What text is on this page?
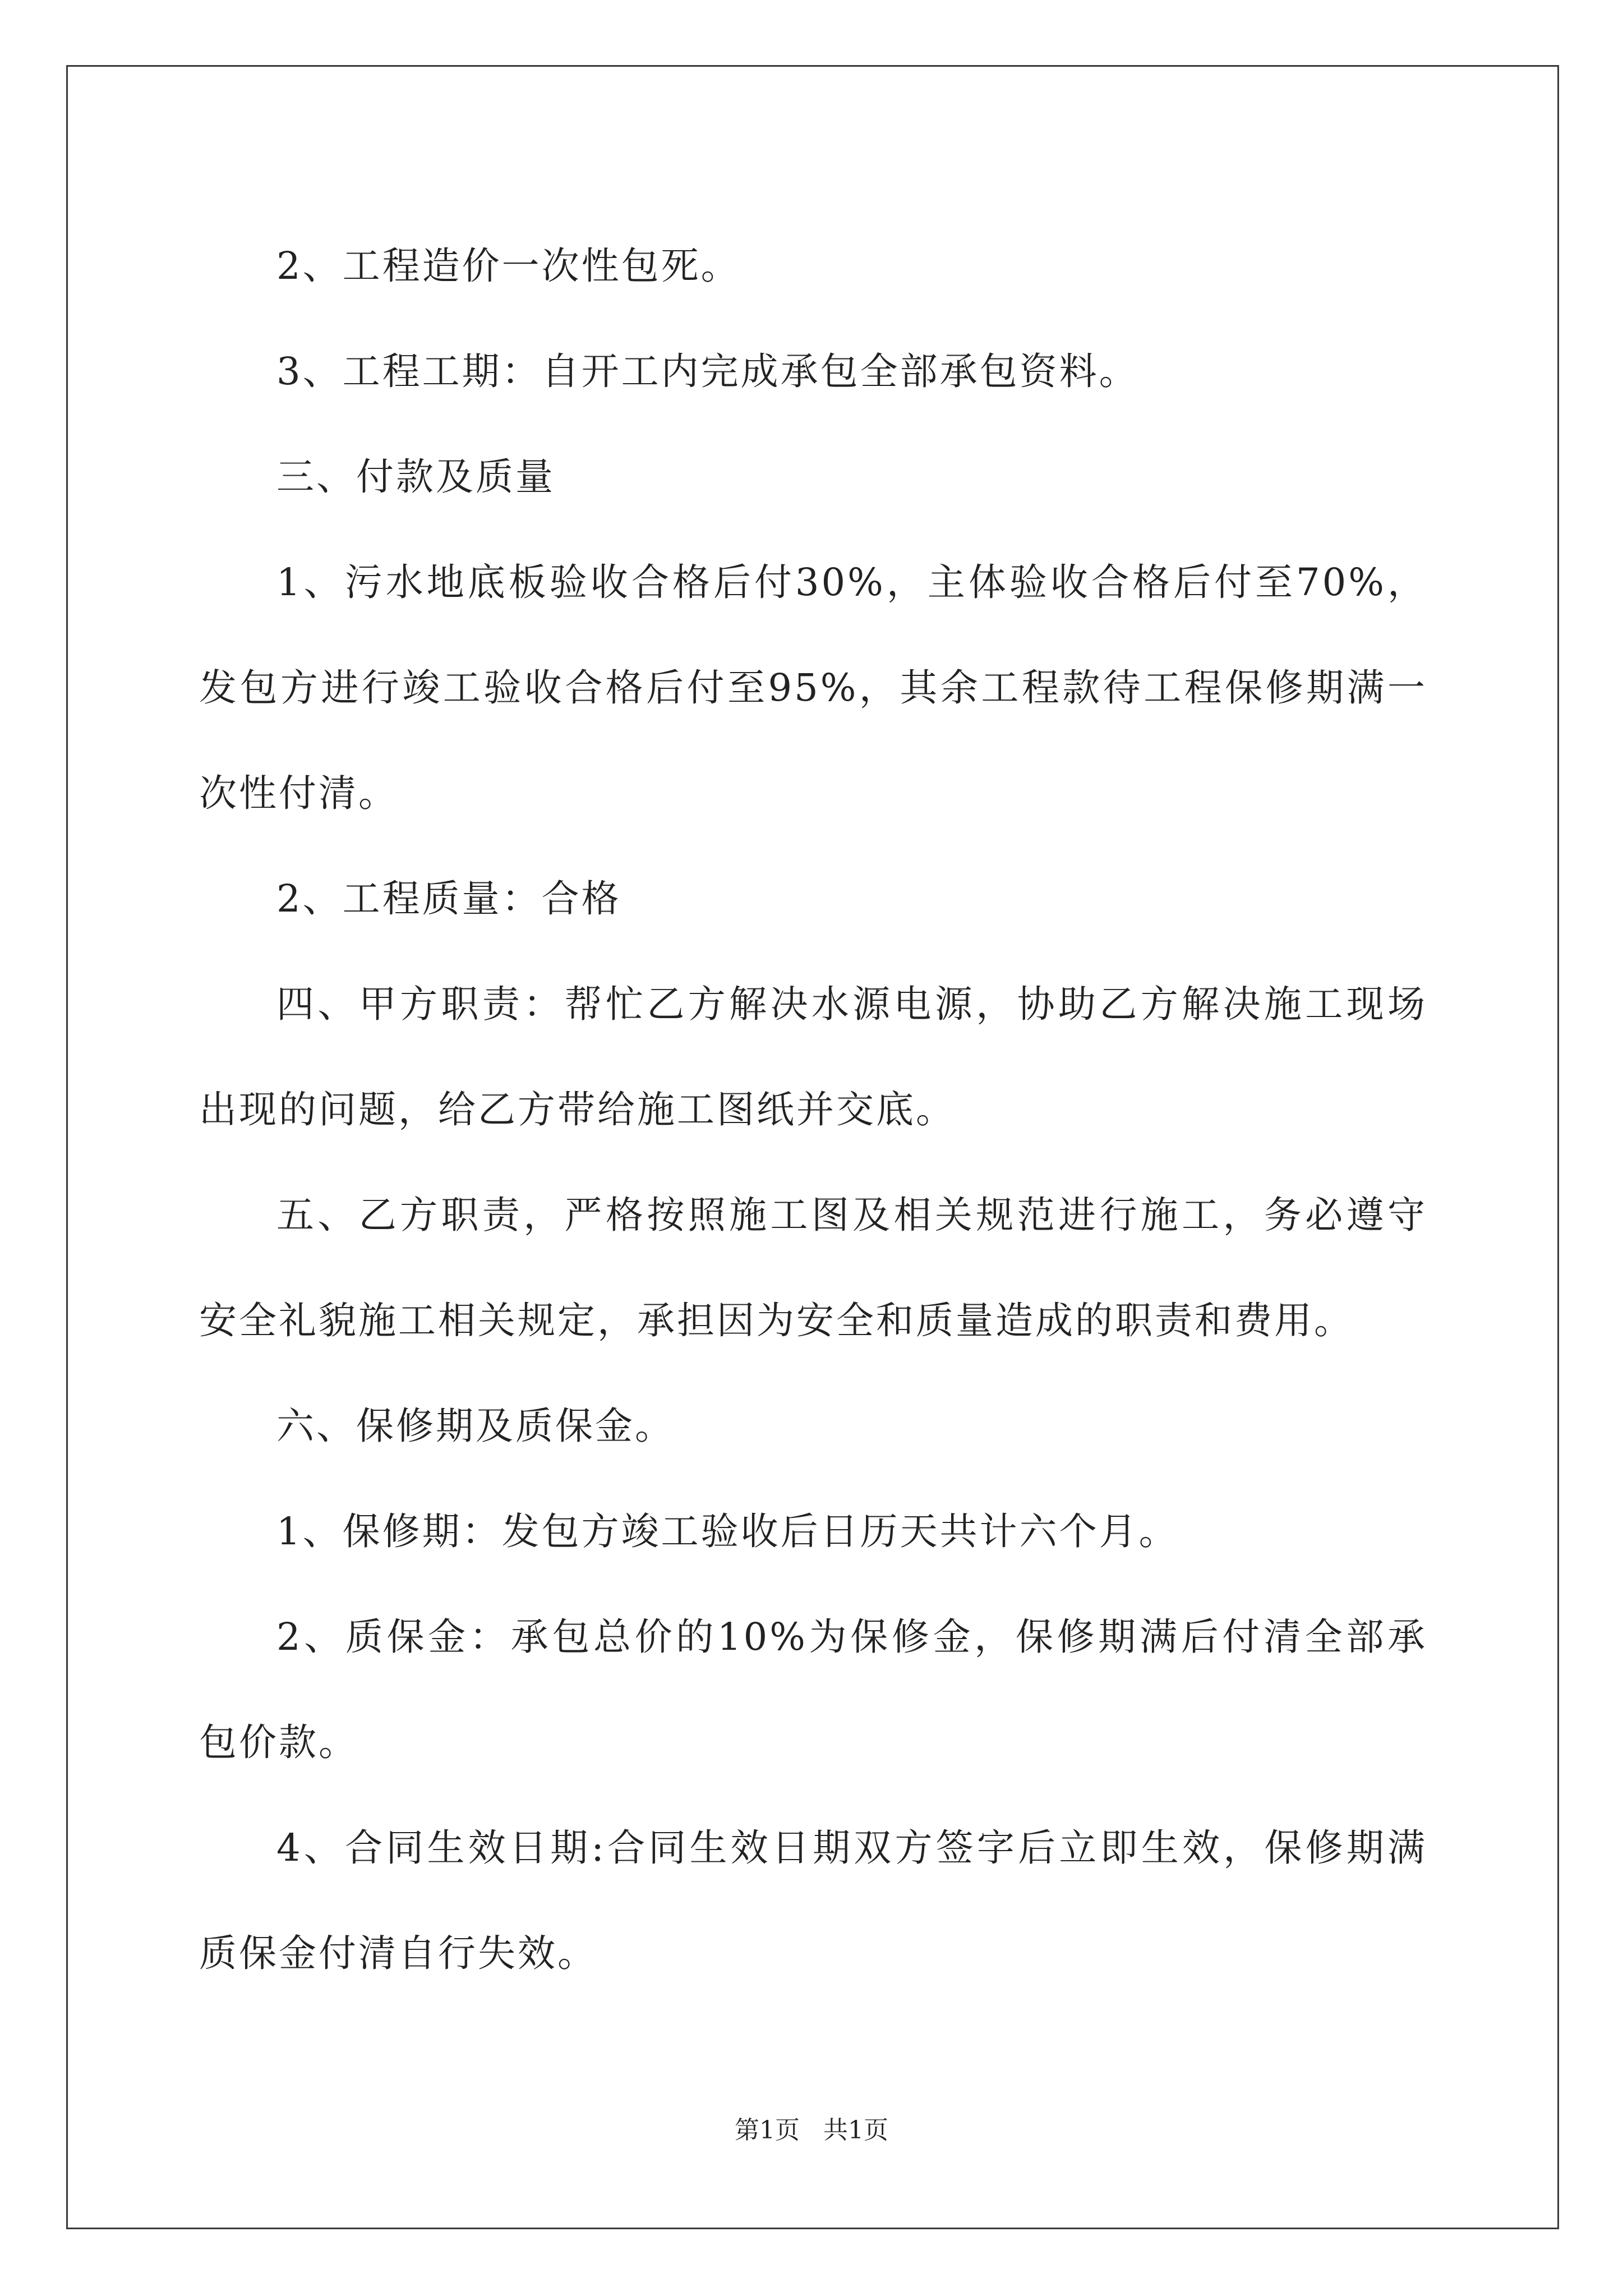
2、工程造价一次性包死。

3、工程工期：自开工内完成承包全部承包资料。

三、付款及质量

1、污水地底板验收合格后付30%，主体验收合格后付至70%，发包方进行竣工验收合格后付至95%，其余工程款待工程保修期满一次性付清。

2、工程质量：合格

四、甲方职责：帮忙乙方解决水源电源，协助乙方解决施工现场出现的问题，给乙方带给施工图纸并交底。

五、乙方职责，严格按照施工图及相关规范进行施工，务必遵守安全礼貌施工相关规定，承担因为安全和质量造成的职责和费用。

六、保修期及质保金。

1、保修期：发包方竣工验收后日历天共计六个月。

2、质保金：承包总价的10%为保修金，保修期满后付清全部承包价款。

4、合同生效日期:合同生效日期双方签字后立即生效，保修期满质保金付清自行失效。

第1页 共1页
